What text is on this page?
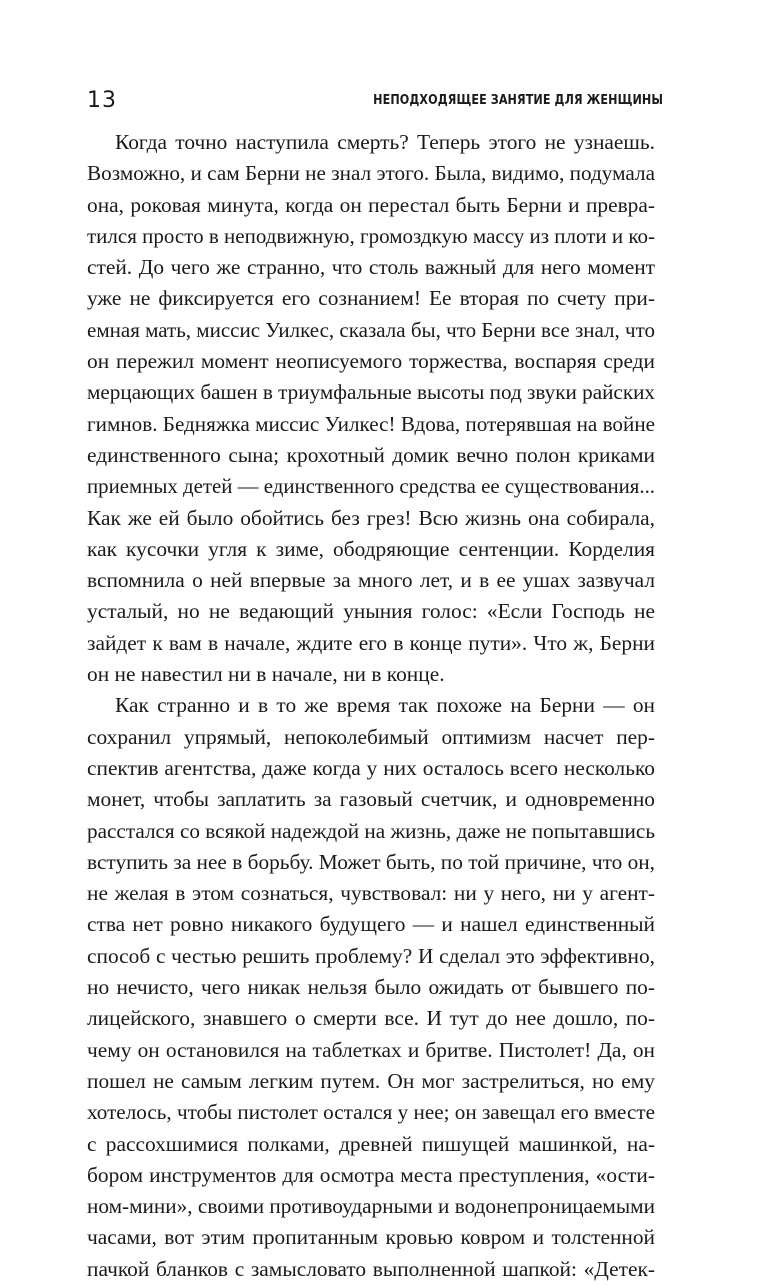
13	НЕПОДХОДЯЩЕЕ ЗАНЯТИЕ ДЛЯ ЖЕНЩИНЫ
Когда точно наступила смерть? Теперь этого не узнаешь.
Возможно, и сам Берни не знал этого. Была, видимо, подумала
она, роковая минута, когда он перестал быть Берни и превра-
тился просто в неподвижную, громоздкую массу из плоти и ко-
стей. До чего же странно, что столь важный для него момент
уже не фиксируется его сознанием! Ее вторая по счету при-
емная мать, миссис Уилкес, сказала бы, что Берни все знал, что
он пережил момент неописуемого торжества, воспаряя среди
мерцающих башен в триумфальные высоты под звуки райских
гимнов. Бедняжка миссис Уилкес! Вдова, потерявшая на войне
единственного сына; крохотный домик вечно полон криками
приемных детей — единственного средства ее существования...
Как же ей было обойтись без грез! Всю жизнь она собирала,
как кусочки угля к зиме, ободряющие сентенции. Корделия
вспомнила о ней впервые за много лет, и в ее ушах зазвучал
усталый, но не ведающий уныния голос: «Если Господь не
зайдет к вам в начале, ждите его в конце пути». Что ж, Берни
он не навестил ни в начале, ни в конце.
Как странно и в то же время так похоже на Берни — он
сохранил упрямый, непоколебимый оптимизм насчет пер-
спектив агентства, даже когда у них осталось всего несколько
монет, чтобы заплатить за газовый счетчик, и одновременно
расстался со всякой надеждой на жизнь, даже не попытавшись
вступить за нее в борьбу. Может быть, по той причине, что он,
не желая в этом сознаться, чувствовал: ни у него, ни у агент-
ства нет ровно никакого будущего — и нашел единственный
способ с честью решить проблему? И сделал это эффективно,
но нечисто, чего никак нельзя было ожидать от бывшего по-
лицейского, знавшего о смерти все. И тут до нее дошло, по-
чему он остановился на таблетках и бритве. Пистолет! Да, он
пошел не самым легким путем. Он мог застрелиться, но ему
хотелось, чтобы пистолет остался у нее; он завещал его вместе
с рассохшимися полками, древней пишущей машинкой, на-
бором инструментов для осмотра места преступления, «ости-
ном-мини», своими противоударными и водонепроницаемыми
часами, вот этим пропитанным кровью ковром и толстенной
пачкой бланков с замысловато выполненной шапкой: «Детек-
